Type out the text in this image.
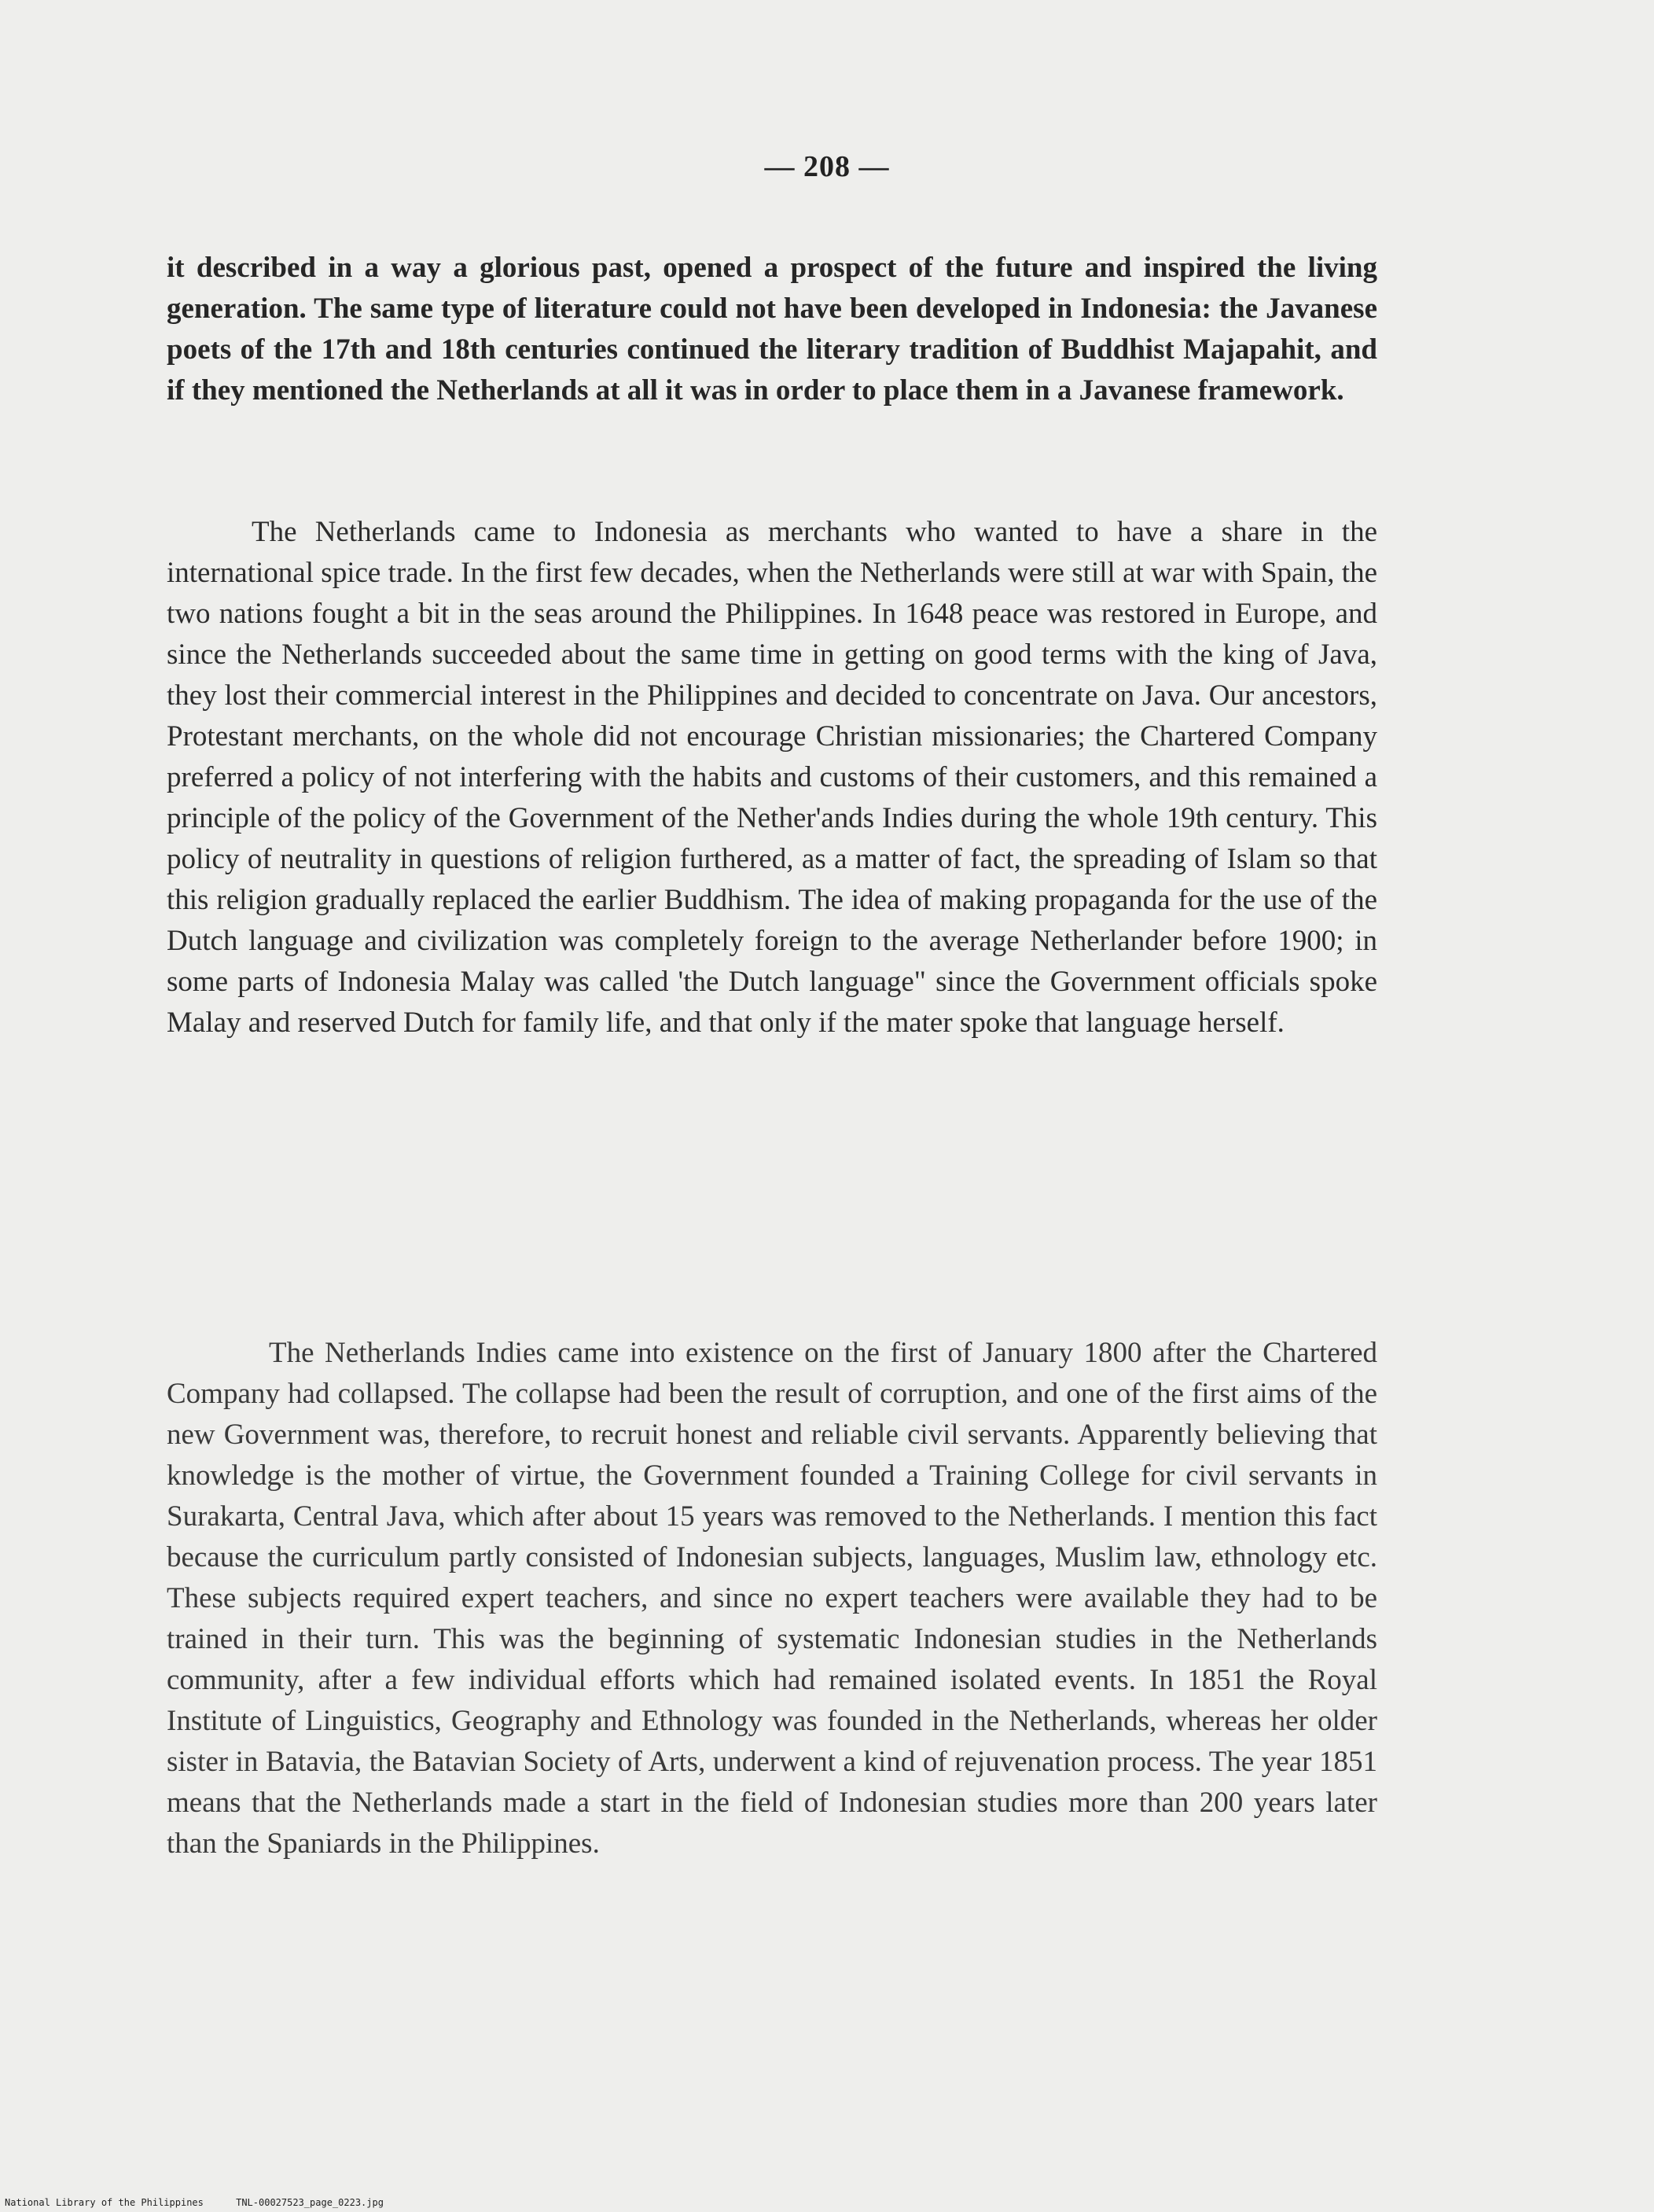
— 208 —

it described in a way a glorious past, opened a prospect of the future and inspired the living generation. The same type of literature could not have been developed in Indonesia: the Javanese poets of the 17th and 18th centuries continued the literary tradition of Buddhist Majapahit, and if they mentioned the Netherlands at all it was in order to place them in a Javanese framework.

The Netherlands came to Indonesia as merchants who wanted to have a share in the international spice trade. In the first few decades, when the Netherlands were still at war with Spain, the two nations fought a bit in the seas around the Philippines. In 1648 peace was restored in Europe, and since the Netherlands succeeded about the same time in getting on good terms with the king of Java, they lost their commercial interest in the Philippines and decided to concentrate on Java. Our ancestors, Protestant merchants, on the whole did not encourage Christian missionaries; the Chartered Company preferred a policy of not interfering with the habits and customs of their customers, and this remained a principle of the policy of the Government of the Nether'ands Indies during the whole 19th century. This policy of neutrality in questions of religion furthered, as a matter of fact, the spreading of Islam so that this religion gradually replaced the earlier Buddhism. The idea of making propaganda for the use of the Dutch language and civilization was completely foreign to the average Netherlander before 1900; in some parts of Indonesia Malay was called 'the Dutch language" since the Government officials spoke Malay and reserved Dutch for family life, and that only if the mater spoke that language herself.

The Netherlands Indies came into existence on the first of January 1800 after the Chartered Company had collapsed. The collapse had been the result of corruption, and one of the first aims of the new Government was, therefore, to recruit honest and reliable civil servants. Apparently believing that knowledge is the mother of virtue, the Government founded a Training College for civil servants in Surakarta, Central Java, which after about 15 years was removed to the Netherlands. I mention this fact because the curriculum partly consisted of Indonesian subjects, languages, Muslim law, ethnology etc. These subjects required expert teachers, and since no expert teachers were available they had to be trained in their turn. This was the beginning of systematic Indonesian studies in the Netherlands community, after a few individual efforts which had remained isolated events. In 1851 the Royal Institute of Linguistics, Geography and Ethnology was founded in the Netherlands, whereas her older sister in Batavia, the Batavian Society of Arts, underwent a kind of rejuvenation process. The year 1851 means that the Netherlands made a start in the field of Indonesian studies more than 200 years later than the Spaniards in the Philippines.

National Library of the Philippines	TNL-00027523_page_0223.jpg
